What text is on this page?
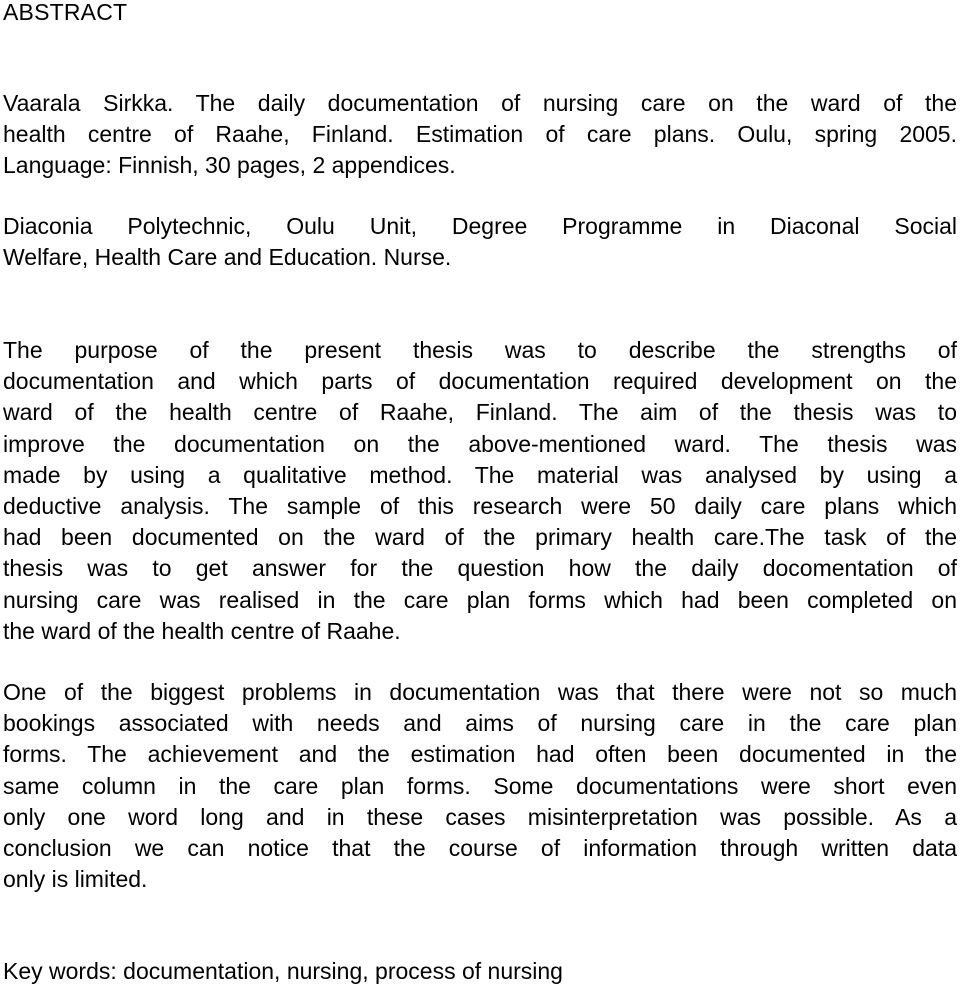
ABSTRACT
Vaarala Sirkka. The daily documentation of nursing care on the ward of the
health centre of Raahe, Finland. Estimation of care plans. Oulu, spring 2005.
Language: Finnish, 30 pages, 2 appendices.
Diaconia Polytechnic, Oulu Unit, Degree Programme in Diaconal Social
Welfare, Health Care and Education. Nurse.
The purpose of the present thesis was to describe the strengths of
documentation and which parts of documentation required development on the
ward of the health centre of Raahe, Finland. The aim of the thesis was to
improve the documentation on the above-mentioned ward. The thesis was
made by using a qualitative method. The material was analysed by using a
deductive analysis. The sample of this research were 50 daily care plans which
had been documented on the ward of the primary health care.The task of the
thesis was to get answer for the question how the daily docomentation of
nursing care was realised in the care plan forms which had been completed on
the ward of the health centre of Raahe.
One of the biggest problems in documentation was that there were not so much
bookings associated with needs and aims of nursing care in the care plan
forms. The achievement and the estimation had often been documented in the
same column in the care plan forms. Some documentations were short even
only one word long and in these cases misinterpretation was possible. As a
conclusion we can notice that the course of information through written data
only is limited.
Key words: documentation, nursing, process of nursing
